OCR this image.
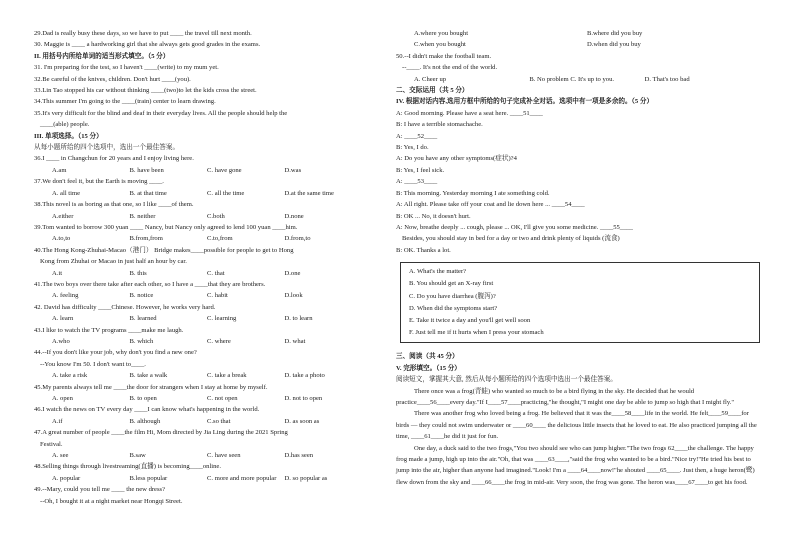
29.Dad is really busy these days, so we have to put ____ the travel till next month.
30. Maggie is ____ a hardworking girl that she always gets good grades in the exams.
II. 用括号内所给单词的适当形式填空。（5 分）
31. I'm preparing for the test, so I haven't ____(write) to my mum yet.
32.Be careful of the knives, children. Don't hurt ____(you).
33.Lin Tao stopped his car without thinking ____(two)to let the kids cross the street.
34.This summer I'm going to the ____(train) center to learn drawing.
35.It's very difficult for the blind and deaf in their everyday lives. All the people should help the
____(able) people.
III. 单项选择。（15 分）
从每小题所给的四个选项中，选出一个最佳答案。
36.I ____ in Changchun for 20 years and I enjoy living here.
A.am	B. have been	C. have gone	D.was
37.We don't feel it, but the Earth is moving ____.
A. all time	B. at that time	C. all the time	D.at the same time
38.This novel is as boring as that one, so I like ____of them.
A.either	B. neither	C.both	D.none
39.Tom wanted to borrow 300 yuan ____ Nancy, but Nancy only agreed to lend 100 yuan ____him.
A.to,to	B.from,from	C.to,from	D.from,to
40.The Hong Kong-Zhuhai-Macao（港门） Bridge makes____possible for people to get to Hong
Kong from Zhuhai or Macao in just half an hour by car.
A.it	B. this	C. that	D.one
41.The two boys over there take after each other, so I have a ____that they are brothers.
A. feeling	B. notice	C. habit	D.look
42. David has difficulty ____Chinese. However, he works very hard.
A. learn	B. learned	C. learning	D. to learn
43.I like to watch the TV programs ____make me laugh.
A.who	B. which	C. where	D. what
44.--If you don't like your job, why don't you find a new one?
--You know I'm 50. I don't want to____.
A. take a risk	B. take a walk	C. take a break	D. take a photo
45.My parents always tell me ____the door for strangers when I stay at home by myself.
A. open	B. to open	C. not open	D. not to open
46.I watch the news on TV every day ____I can know what's happening in the world.
A.if	B. although	C.so that	D. as soon as
47.A great number of people ____the film Hi, Mom directed by Jia Ling during the 2021 Spring
Festival.
A. see	B.saw	C. have seen	D.has seen
48.Selling things through livestreaming(直播) is becoming____online.
A. popular	B.less popular	C. more and more popular	D. so popular as
49.--Mary, could you tell me ____ the new dress?
--Oh, I bought it at a night market near Hongqi Street.
A.where you bought	B.where did you buy
C.when you bought	D.when did you buy
50.--I didn't make the football team.
--____. It's not the end of the world.
A. Cheer up	B. No problem C. It's up to you.	D. That's too bad
二、交际运用（共 5 分）
IV. 根据对话内容,选用方框中所给的句子完成补全对话。选项中有一项是多余的。（5 分）
A: Good morning. Please have a seat here. ____51____
B: I have a terrible stomachache.
A: ____52____
B: Yes, I do.
A: Do you have any other symptoms(症状)?4
B: Yes, I feel sick.
A: ____53____
B: This morning. Yesterday morning I ate something cold.
A: All right. Please take off your coat and lie down here ... ____54____
B: OK ... No, it doesn't hurt.
A: Now, breathe deeply ... cough, please ... OK, I'll give you some medicine. ____55____
Besides, you should stay in bed for a day or two and drink plenty of liquids (流食)
B: OK. Thanks a lot.
A. What's the matter?
B. You should get an X-ray first
C. Do you have diarrhea (腹泻)?
D. When did the symptoms start?
E. Take it twice a day and you'll get well soon
F. Just tell me if it hurts when I press your stomach
三、阅读（共 45 分）
V. 完形填空。（15 分）
阅读短文，掌握其大意, 然后从每小题所给的四个选项中选出一个最佳答案。
There once was a frog(青蛙) who wanted so much to be a bird flying in the sky. He decided that he would practice____56____every day."If I____57____practicing,"he thought,"I might one day be able to jump so high that I might fly."
There was another frog who loved being a frog. He believed that it was the____58____life in the world. He felt____59____for birds — they could not swim underwater or ____60____ the delicious little insects that he loved to eat. He also practiced jumping all the time, ____61____he did it just for fun.
One day, a duck said to the two frogs,"You two should see who can jump higher."The two frogs 62____the challenge. The happy frog made a jump, high up into the air."Oh, that was ____63____,"said the frog who wanted to be a bird."Nice try!"He tried his best to jump into the air, higher than anyone had imagined."Look! I'm a ____64____now!"he shouted ____65____. Just then, a huge heron(鹭) flew down from the sky and ____66____the frog in mid-air. Very soon, the frog was gone. The heron was____67____to get his food.
